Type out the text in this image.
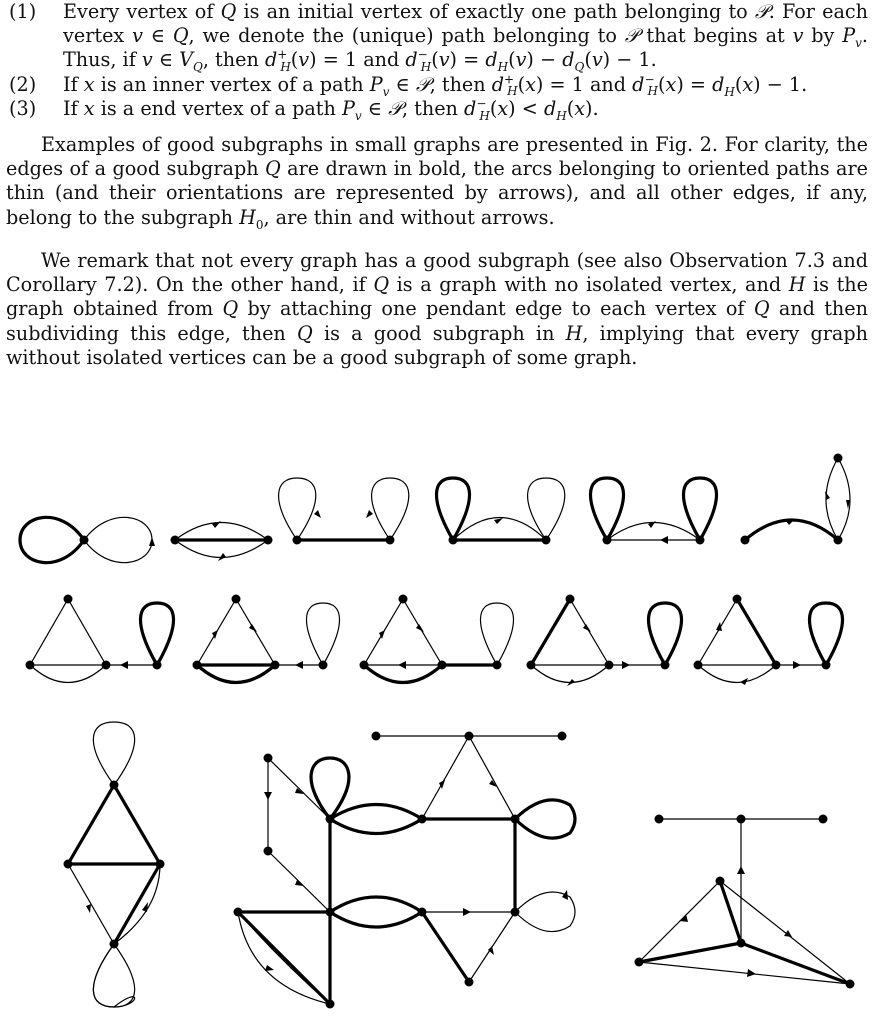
(1) Every vertex of Q is an initial vertex of exactly one path belonging to 𝒫. For each vertex v ∈ Q, we denote the (unique) path belonging to 𝒫 that begins at v by $P_v$. Thus, if v ∈ $V_Q$, then $d^+_H(v) = 1$ and $d^-_H(v) = d_H(v) - d_Q(v) - 1$.
(2) If x is an inner vertex of a path $P_v$ ∈ 𝒫, then $d^+_H(x) = 1$ and $d^-_H(x) = d_H(x) - 1$.
(3) If x is a end vertex of a path $P_v$ ∈ 𝒫, then $d^-_H(x) < d_H(x)$.

Examples of good subgraphs in small graphs are presented in Fig. 2. For clarity, the edges of a good subgraph Q are drawn in bold, the arcs belonging to oriented paths are thin (and their orientations are represented by arrows), and all other edges, if any, belong to the subgraph $H_0$, are thin and without arrows.

We remark that not every graph has a good subgraph (see also Observation 7.3 and Corollary 7.2). On the other hand, if Q is a graph with no isolated vertex, and H is the graph obtained from Q by attaching one pendant edge to each vertex of Q and then subdividing this edge, then Q is a good subgraph in H, implying that every graph without isolated vertices can be a good subgraph of some graph.
